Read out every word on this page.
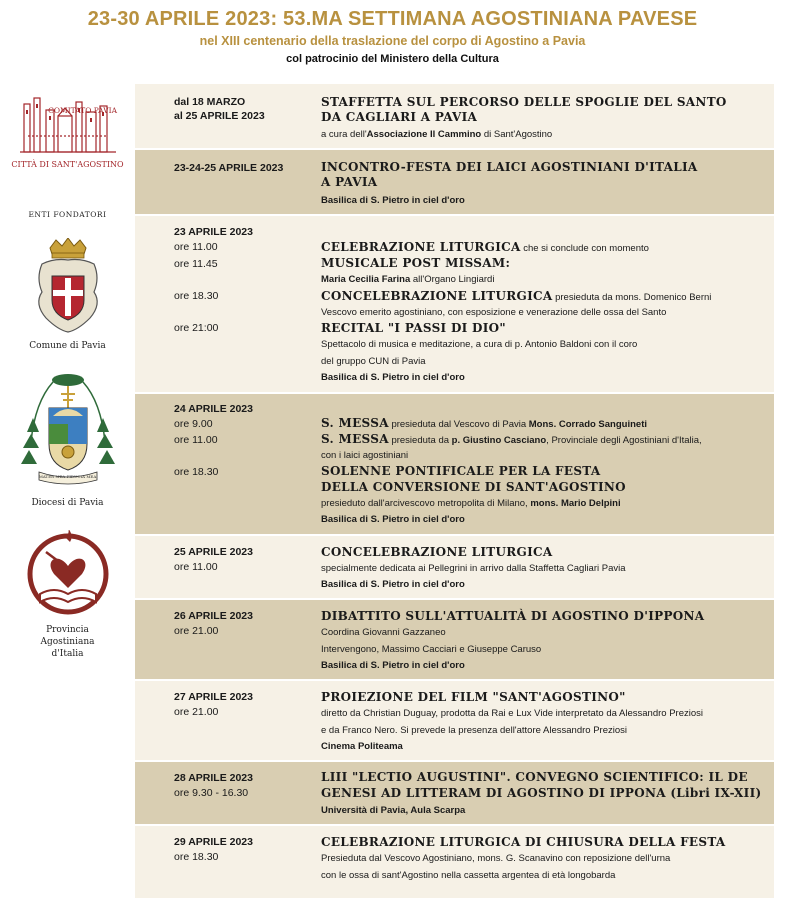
23-30 APRILE 2023: 53.MA SETTIMANA AGOSTINIANA PAVESE
nel XIII centenario della traslazione del corpo di Agostino a Pavia
col patrocinio del Ministero della Cultura
COMITATO PAVIA
CITTÀ DI SANT'AGOSTINO
ENTI FONDATORI
Comune di Pavia
MATER MEA FIDUCIA MEA
Diocesi di Pavia
Provincia
Agostiniana
d'Italia
dal 18 MARZO
al 25 APRILE 2023
STAFFETTA SUL PERCORSO DELLE SPOGLIE DEL SANTO
DA CAGLIARI A PAVIA
a cura dell'Associazione Il Cammino di Sant'Agostino
23-24-25 APRILE 2023	INCONTRO-FESTA DEI LAICI AGOSTINIANI D'ITALIA
A PAVIA
Basilica di S. Pietro in ciel d'oro
23 APRILE 2023
ore 11.00
ore 11.45
ore 18.30
ore 21:00
CELEBRAZIONE LITURGICA che si conclude con momento
MUSICALE POST MISSAM:
Maria Cecilia Farina all'Organo Lingiardi
CONCELEBRAZIONE LITURGICA presieduta da mons. Domenico Berni
Vescovo emerito agostiniano, con esposizione e venerazione delle ossa del Santo
RECITAL "I PASSI DI DIO"
Spettacolo di musica e meditazione, a cura di p. Antonio Baldoni con il coro
del gruppo CUN di Pavia
Basilica di S. Pietro in ciel d'oro
24 APRILE 2023
ore 9.00
ore 11.00
ore 18.30
S. MESSA presieduta dal Vescovo di Pavia Mons. Corrado Sanguineti
S. MESSA presieduta da p. Giustino Casciano, Provinciale degli Agostiniani d'Italia,
con i laici agostiniani
SOLENNE PONTIFICALE PER LA FESTA
DELLA CONVERSIONE DI SANT'AGOSTINO
presieduto dall'arcivescovo metropolita di Milano, mons. Mario Delpini
Basilica di S. Pietro in ciel d'oro
25 APRILE 2023
ore 11.00
CONCELEBRAZIONE LITURGICA
specialmente dedicata ai Pellegrini in arrivo dalla Staffetta Cagliari Pavia
Basilica di S. Pietro in ciel d'oro
26 APRILE 2023
ore 21.00
DIBATTITO SULL'ATTUALITÀ DI AGOSTINO D'IPPONA
Coordina Giovanni Gazzaneo
Intervengono, Massimo Cacciari e Giuseppe Caruso
Basilica di S. Pietro in ciel d'oro
27 APRILE 2023
ore 21.00
PROIEZIONE DEL FILM "SANT'AGOSTINO"
diretto da Christian Duguay, prodotta da Rai e Lux Vide interpretato da Alessandro Preziosi
e da Franco Nero. Si prevede la presenza dell'attore Alessandro Preziosi
Cinema Politeama
28 APRILE 2023
ore 9.30 - 16.30
LIII "LECTIO AUGUSTINI". CONVEGNO SCIENTIFICO: IL DE
GENESI AD LITTERAM DI AGOSTINO DI IPPONA (Libri IX-XII)
Università di Pavia, Aula Scarpa
29 APRILE 2023
ore 18.30
CELEBRAZIONE LITURGICA DI CHIUSURA DELLA FESTA
Presieduta dal Vescovo Agostiniano, mons. G. Scanavino con reposizione dell'urna
con le ossa di sant'Agostino nella cassetta argentea di età longobarda
